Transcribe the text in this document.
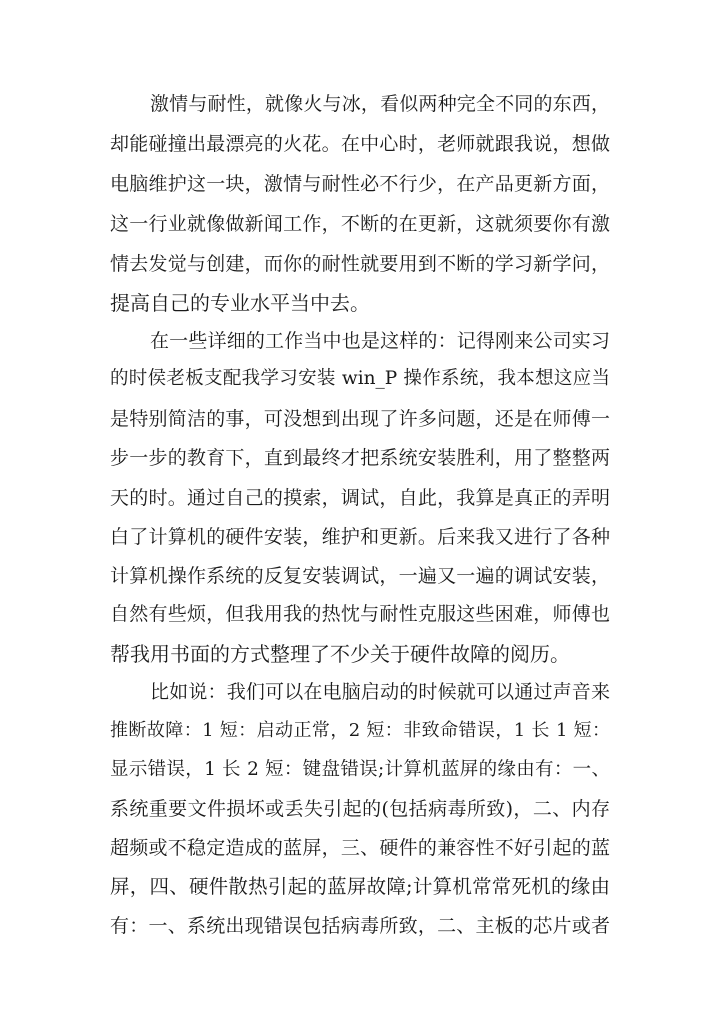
激情与耐性，就像火与冰，看似两种完全不同的东西，
却能碰撞出最漂亮的火花。在中心时，老师就跟我说，想做
电脑维护这一块，激情与耐性必不行少，在产品更新方面，
这一行业就像做新闻工作，不断的在更新，这就须要你有激
情去发觉与创建，而你的耐性就要用到不断的学习新学问，
提高自己的专业水平当中去。
在一些详细的工作当中也是这样的：记得刚来公司实习
的时侯老板支配我学习安装 win_P 操作系统，我本想这应当
是特别简洁的事，可没想到出现了许多问题，还是在师傅一
步一步的教育下，直到最终才把系统安装胜利，用了整整两
天的时。通过自己的摸索，调试，自此，我算是真正的弄明
白了计算机的硬件安装，维护和更新。后来我又进行了各种
计算机操作系统的反复安装调试，一遍又一遍的调试安装，
自然有些烦，但我用我的热忱与耐性克服这些困难，师傅也
帮我用书面的方式整理了不少关于硬件故障的阅历。
比如说：我们可以在电脑启动的时候就可以通过声音来
推断故障：1 短：启动正常，2 短：非致命错误，1 长 1 短：
显示错误，1 长 2 短：键盘错误;计算机蓝屏的缘由有：一、
系统重要文件损坏或丢失引起的(包括病毒所致)，二、内存
超频或不稳定造成的蓝屏，三、硬件的兼容性不好引起的蓝
屏，四、硬件散热引起的蓝屏故障;计算机常常死机的缘由
有：一、系统出现错误包括病毒所致，二、主板的芯片或者
